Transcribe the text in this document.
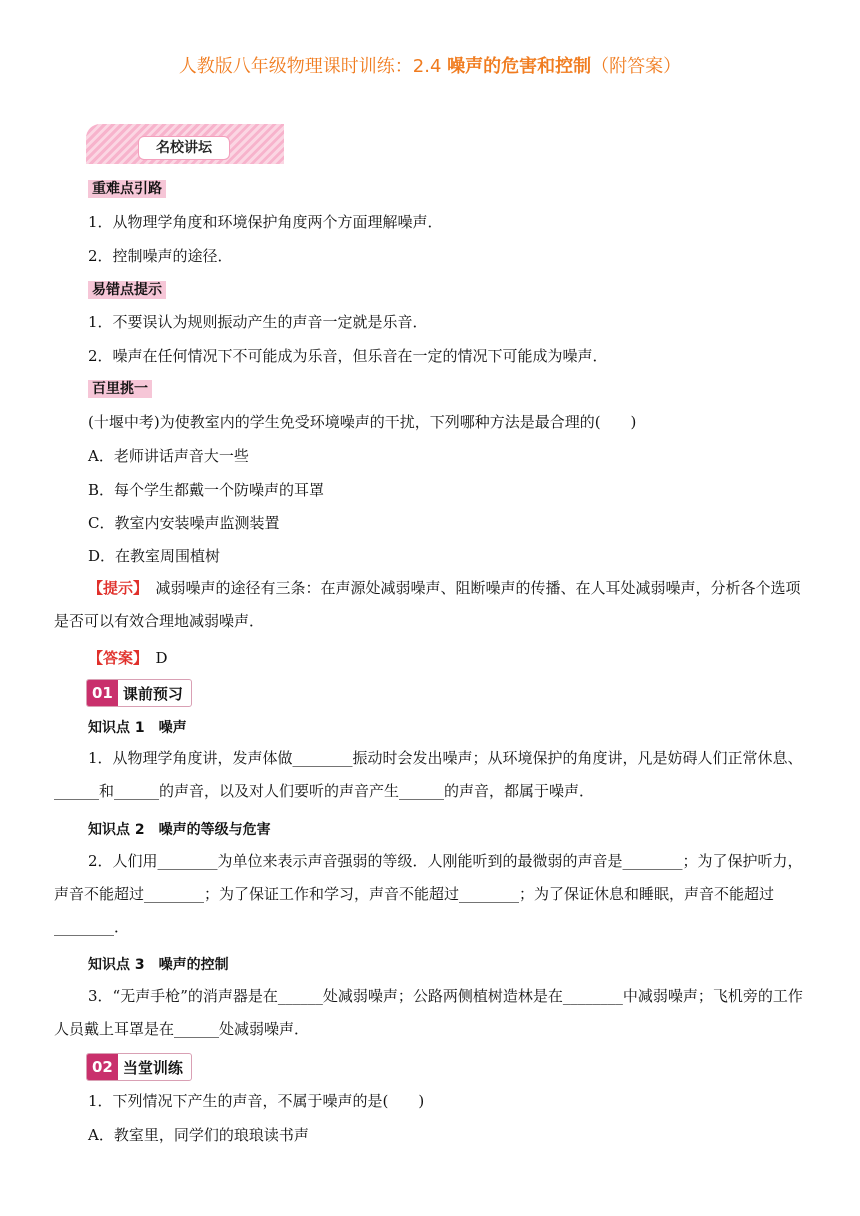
人教版八年级物理课时训练：2.4 噪声的危害和控制（附答案）
名校讲坛
重难点引路
1．从物理学角度和环境保护角度两个方面理解噪声．
2．控制噪声的途径．
易错点提示
1．不要误认为规则振动产生的声音一定就是乐音．
2．噪声在任何情况下不可能成为乐音，但乐音在一定的情况下可能成为噪声．
百里挑一
(十堰中考)为使教室内的学生免受环境噪声的干扰，下列哪种方法是最合理的(　　)
A．老师讲话声音大一些
B．每个学生都戴一个防噪声的耳罩
C．教室内安装噪声监测装置
D．在教室周围植树
【提示】　减弱噪声的途径有三条：在声源处减弱噪声、阻断噪声的传播、在人耳处减弱噪声，分析各个选项是否可以有效合理地减弱噪声．
【答案】　D
01 课前预习
知识点 1　噪声
1．从物理学角度讲，发声体做________振动时会发出噪声；从环境保护的角度讲，凡是妨碍人们正常休息、______和______的声音，以及对人们要听的声音产生______的声音，都属于噪声．
知识点 2　噪声的等级与危害
2．人们用________为单位来表示声音强弱的等级．人刚能听到的最微弱的声音是________；为了保护听力，声音不能超过________；为了保证工作和学习，声音不能超过________；为了保证休息和睡眠，声音不能超过________．
知识点 3　噪声的控制
3．“无声手枪”的消声器是在______处减弱噪声；公路两侧植树造林是在________中减弱噪声；飞机旁的工作人员戴上耳罩是在______处减弱噪声．
02 当堂训练
1．下列情况下产生的声音，不属于噪声的是(　　)
A．教室里，同学们的琅琅读书声
